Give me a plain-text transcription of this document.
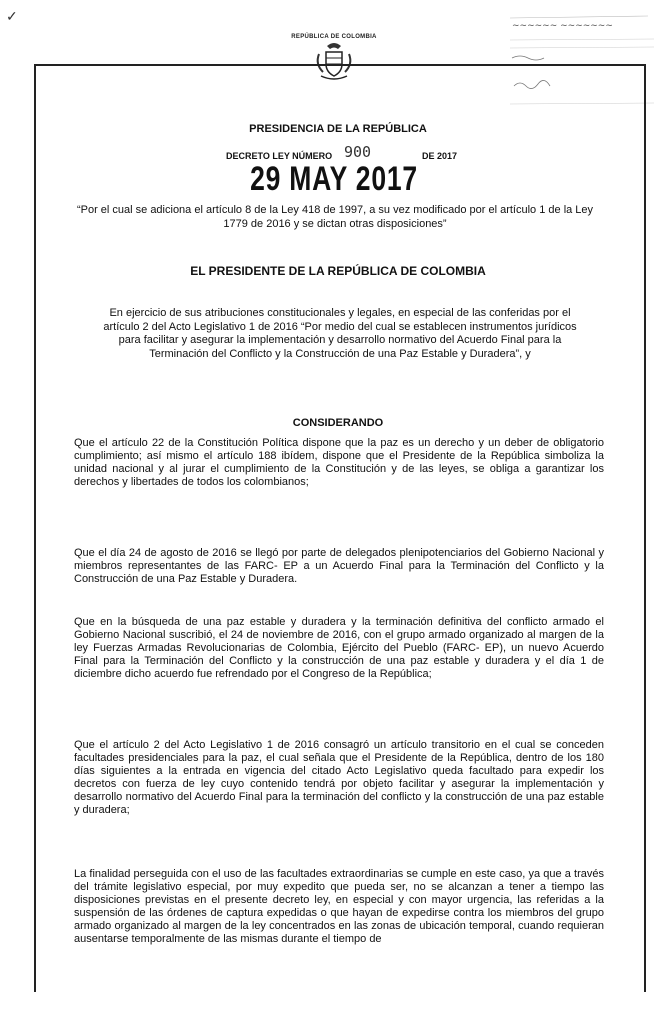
✓
~~~~~~ ~~~~~~~
REPÚBLICA DE COLOMBIA
PRESIDENCIA DE LA REPÚBLICA
DECRETO LEY NÚMERO 900	DE 2017
29 MAY 2017
“Por el cual se adiciona el artículo 8 de la Ley 418 de 1997, a su vez modificado por el artículo 1 de la Ley 1779 de 2016 y se dictan otras disposiciones”
EL PRESIDENTE DE LA REPÚBLICA DE COLOMBIA
En ejercicio de sus atribuciones constitucionales y legales, en especial de las conferidas por el artículo 2 del Acto Legislativo 1 de 2016 “Por medio del cual se establecen instrumentos jurídicos para facilitar y asegurar la implementación y desarrollo normativo del Acuerdo Final para la Terminación del Conflicto y la Construcción de una Paz Estable y Duradera”, y
CONSIDERANDO
Que el artículo 22 de la Constitución Política dispone que la paz es un derecho y un deber de obligatorio cumplimiento; así mismo el artículo 188 ibídem, dispone que el Presidente de la República simboliza la unidad nacional y al jurar el cumplimiento de la Constitución y de las leyes, se obliga a garantizar los derechos y libertades de todos los colombianos;
Que el día 24 de agosto de 2016 se llegó por parte de delegados plenipotenciarios del Gobierno Nacional y miembros representantes de las FARC- EP a un Acuerdo Final para la Terminación del Conflicto y la Construcción de una Paz Estable y Duradera.
Que en la búsqueda de una paz estable y duradera y la terminación definitiva del conflicto armado el Gobierno Nacional suscribió, el 24 de noviembre de 2016, con el grupo armado organizado al margen de la ley Fuerzas Armadas Revolucionarias de Colombia, Ejército del Pueblo (FARC- EP), un nuevo Acuerdo Final para la Terminación del Conflicto y la construcción de una paz estable y duradera y el día 1 de diciembre dicho acuerdo fue refrendado por el Congreso de la República;
Que el artículo 2 del Acto Legislativo 1 de 2016 consagró un artículo transitorio en el cual se conceden facultades presidenciales para la paz, el cual señala que el Presidente de la República, dentro de los 180 días siguientes a la entrada en vigencia del citado Acto Legislativo queda facultado para expedir los decretos con fuerza de ley cuyo contenido tendrá por objeto facilitar y asegurar la implementación y desarrollo normativo del Acuerdo Final para la terminación del conflicto y la construcción de una paz estable y duradera;
La finalidad perseguida con el uso de las facultades extraordinarias se cumple en este caso, ya que a través del trámite legislativo especial, por muy expedito que pueda ser, no se alcanzan a tener a tiempo las disposiciones previstas en el presente decreto ley, en especial y con mayor urgencia, las referidas a la suspensión de las órdenes de captura expedidas o que hayan de expedirse contra los miembros del grupo armado organizado al margen de la ley concentrados en las zonas de ubicación temporal, cuando requieran ausentarse temporalmente de las mismas durante el tiempo de
